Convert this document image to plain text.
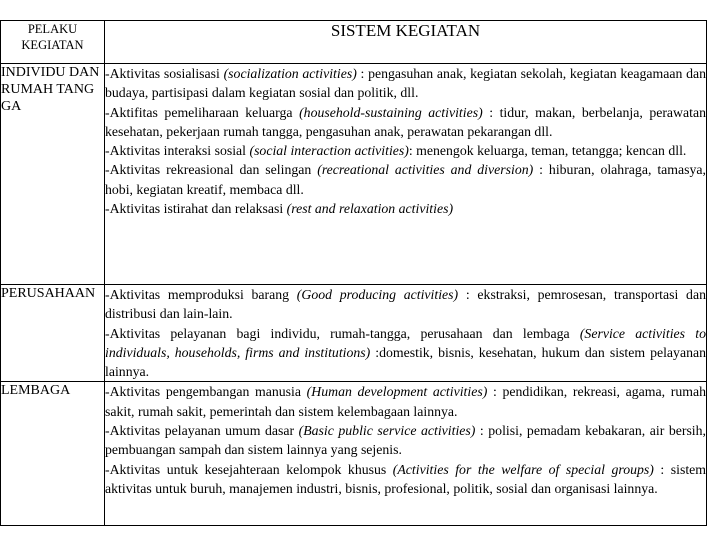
PELAKU KEGIATAN	SISTEM KEGIATAN
INDIVIDU DAN RUMAH TANGGA	-Aktivitas sosialisasi (socialization activities) : pengasuhan anak, kegiatan sekolah, kegiatan keagamaan dan budaya, partisipasi dalam kegiatan sosial dan politik, dll.
-Aktifitas pemeliharaan keluarga (household-sustaining activities) : tidur, makan, berbelanja, perawatan kesehatan, pekerjaan rumah tangga, pengasuhan anak, perawatan pekarangan dll.
-Aktivitas interaksi sosial (social interaction activities): menengok keluarga, teman, tetangga; kencan dll.
-Aktivitas rekreasional dan selingan (recreational activities and diversion) : hiburan, olahraga, tamasya, hobi, kegiatan kreatif, membaca dll.
-Aktivitas istirahat dan relaksasi (rest and relaxation activities)

PERUSAHAAN	-Aktivitas memproduksi barang (Good producing activities) : ekstraksi, pemrosesan, transportasi dan distribusi dan lain-lain.
-Aktivitas pelayanan bagi individu, rumah-tangga, perusahaan dan lembaga (Service activities to individuals, households, firms and institutions) :domestik, bisnis, kesehatan, hukum dan sistem pelayanan lainnya.

LEMBAGA	-Aktivitas pengembangan manusia (Human development activities) : pendidikan, rekreasi, agama, rumah sakit, rumah sakit, pemerintah dan sistem kelembagaan lainnya.
-Aktivitas pelayanan umum dasar (Basic public service activities) : polisi, pemadam kebakaran, air bersih, pembuangan sampah dan sistem lainnya yang sejenis.
-Aktivitas untuk kesejahteraan kelompok khusus (Activities for the welfare of special groups) : sistem aktivitas untuk buruh, manajemen industri, bisnis, profesional, politik, sosial dan organisasi lainnya.
